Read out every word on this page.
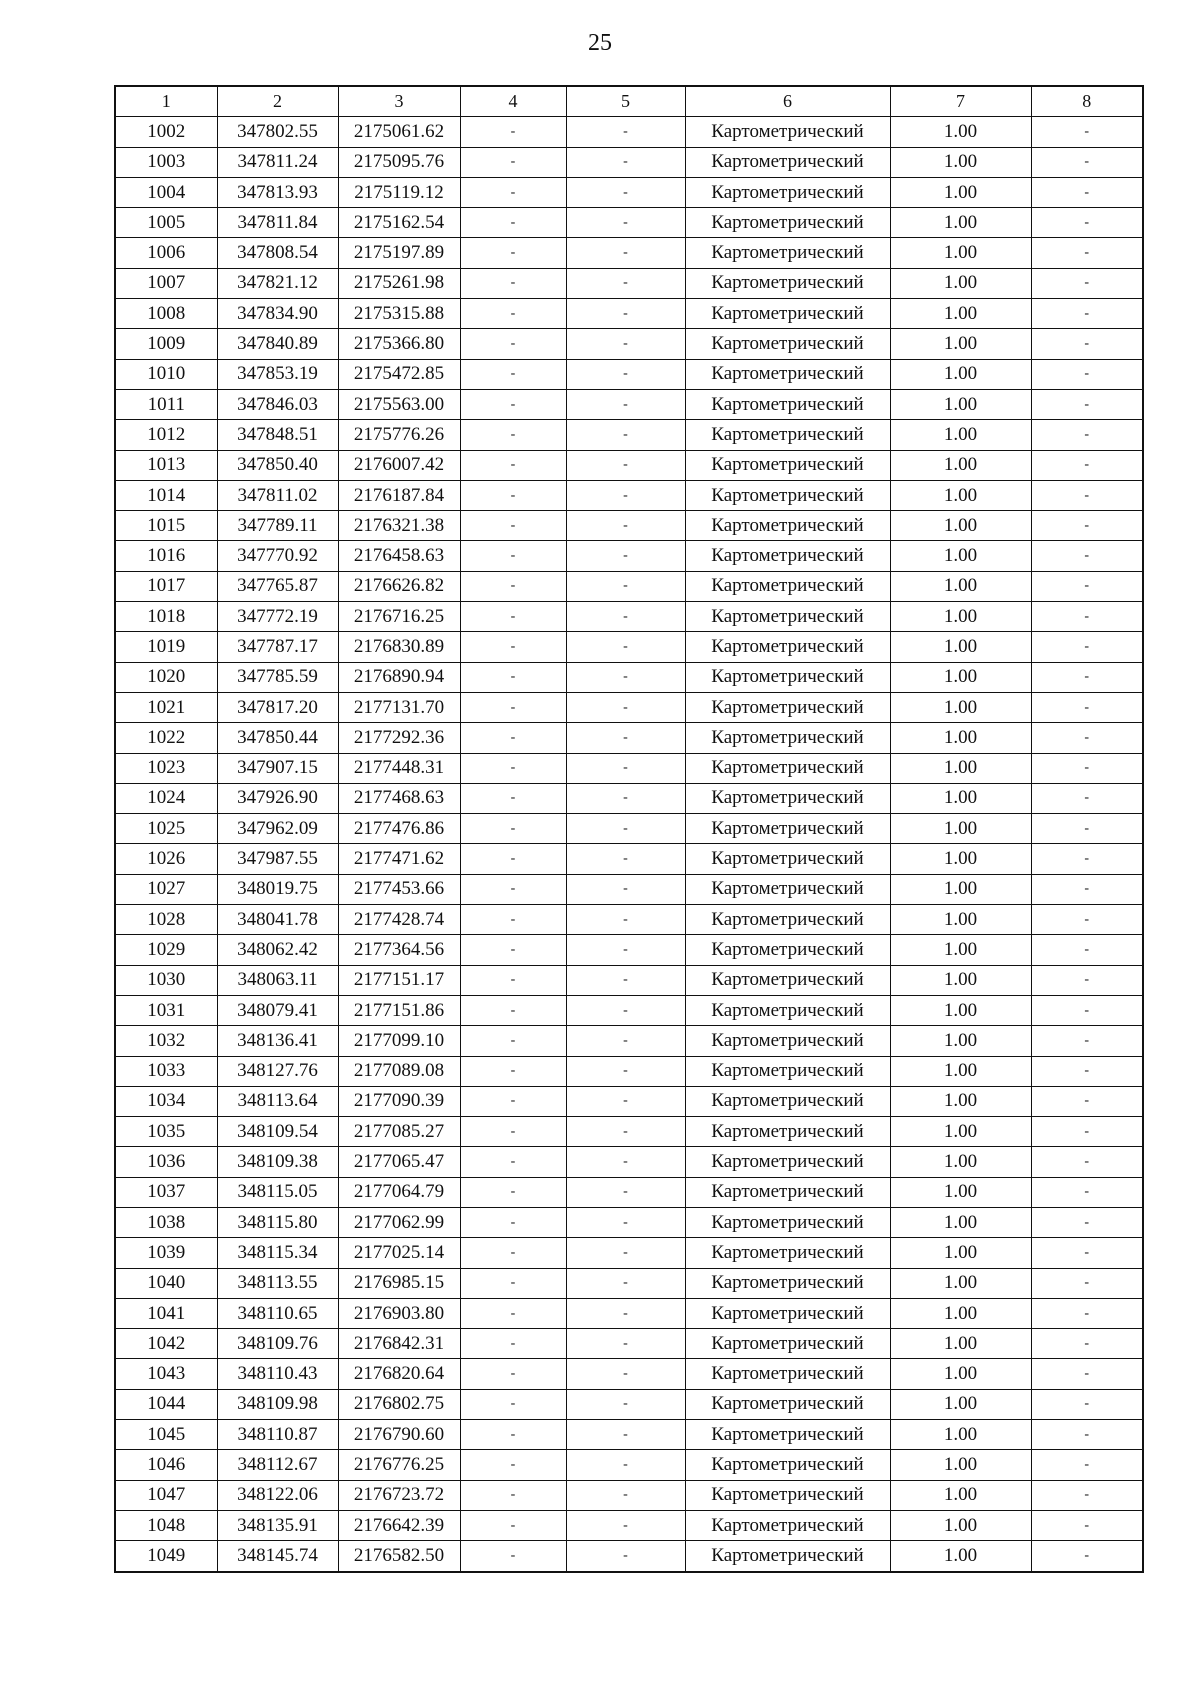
25
1	2	3	4	5	6	7	8
1002	347802.55	2175061.62	-	-	Картометрический	1.00	-
1003	347811.24	2175095.76	-	-	Картометрический	1.00	-
1004	347813.93	2175119.12	-	-	Картометрический	1.00	-
1005	347811.84	2175162.54	-	-	Картометрический	1.00	-
1006	347808.54	2175197.89	-	-	Картометрический	1.00	-
1007	347821.12	2175261.98	-	-	Картометрический	1.00	-
1008	347834.90	2175315.88	-	-	Картометрический	1.00	-
1009	347840.89	2175366.80	-	-	Картометрический	1.00	-
1010	347853.19	2175472.85	-	-	Картометрический	1.00	-
1011	347846.03	2175563.00	-	-	Картометрический	1.00	-
1012	347848.51	2175776.26	-	-	Картометрический	1.00	-
1013	347850.40	2176007.42	-	-	Картометрический	1.00	-
1014	347811.02	2176187.84	-	-	Картометрический	1.00	-
1015	347789.11	2176321.38	-	-	Картометрический	1.00	-
1016	347770.92	2176458.63	-	-	Картометрический	1.00	-
1017	347765.87	2176626.82	-	-	Картометрический	1.00	-
1018	347772.19	2176716.25	-	-	Картометрический	1.00	-
1019	347787.17	2176830.89	-	-	Картометрический	1.00	-
1020	347785.59	2176890.94	-	-	Картометрический	1.00	-
1021	347817.20	2177131.70	-	-	Картометрический	1.00	-
1022	347850.44	2177292.36	-	-	Картометрический	1.00	-
1023	347907.15	2177448.31	-	-	Картометрический	1.00	-
1024	347926.90	2177468.63	-	-	Картометрический	1.00	-
1025	347962.09	2177476.86	-	-	Картометрический	1.00	-
1026	347987.55	2177471.62	-	-	Картометрический	1.00	-
1027	348019.75	2177453.66	-	-	Картометрический	1.00	-
1028	348041.78	2177428.74	-	-	Картометрический	1.00	-
1029	348062.42	2177364.56	-	-	Картометрический	1.00	-
1030	348063.11	2177151.17	-	-	Картометрический	1.00	-
1031	348079.41	2177151.86	-	-	Картометрический	1.00	-
1032	348136.41	2177099.10	-	-	Картометрический	1.00	-
1033	348127.76	2177089.08	-	-	Картометрический	1.00	-
1034	348113.64	2177090.39	-	-	Картометрический	1.00	-
1035	348109.54	2177085.27	-	-	Картометрический	1.00	-
1036	348109.38	2177065.47	-	-	Картометрический	1.00	-
1037	348115.05	2177064.79	-	-	Картометрический	1.00	-
1038	348115.80	2177062.99	-	-	Картометрический	1.00	-
1039	348115.34	2177025.14	-	-	Картометрический	1.00	-
1040	348113.55	2176985.15	-	-	Картометрический	1.00	-
1041	348110.65	2176903.80	-	-	Картометрический	1.00	-
1042	348109.76	2176842.31	-	-	Картометрический	1.00	-
1043	348110.43	2176820.64	-	-	Картометрический	1.00	-
1044	348109.98	2176802.75	-	-	Картометрический	1.00	-
1045	348110.87	2176790.60	-	-	Картометрический	1.00	-
1046	348112.67	2176776.25	-	-	Картометрический	1.00	-
1047	348122.06	2176723.72	-	-	Картометрический	1.00	-
1048	348135.91	2176642.39	-	-	Картометрический	1.00	-
1049	348145.74	2176582.50	-	-	Картометрический	1.00	-
